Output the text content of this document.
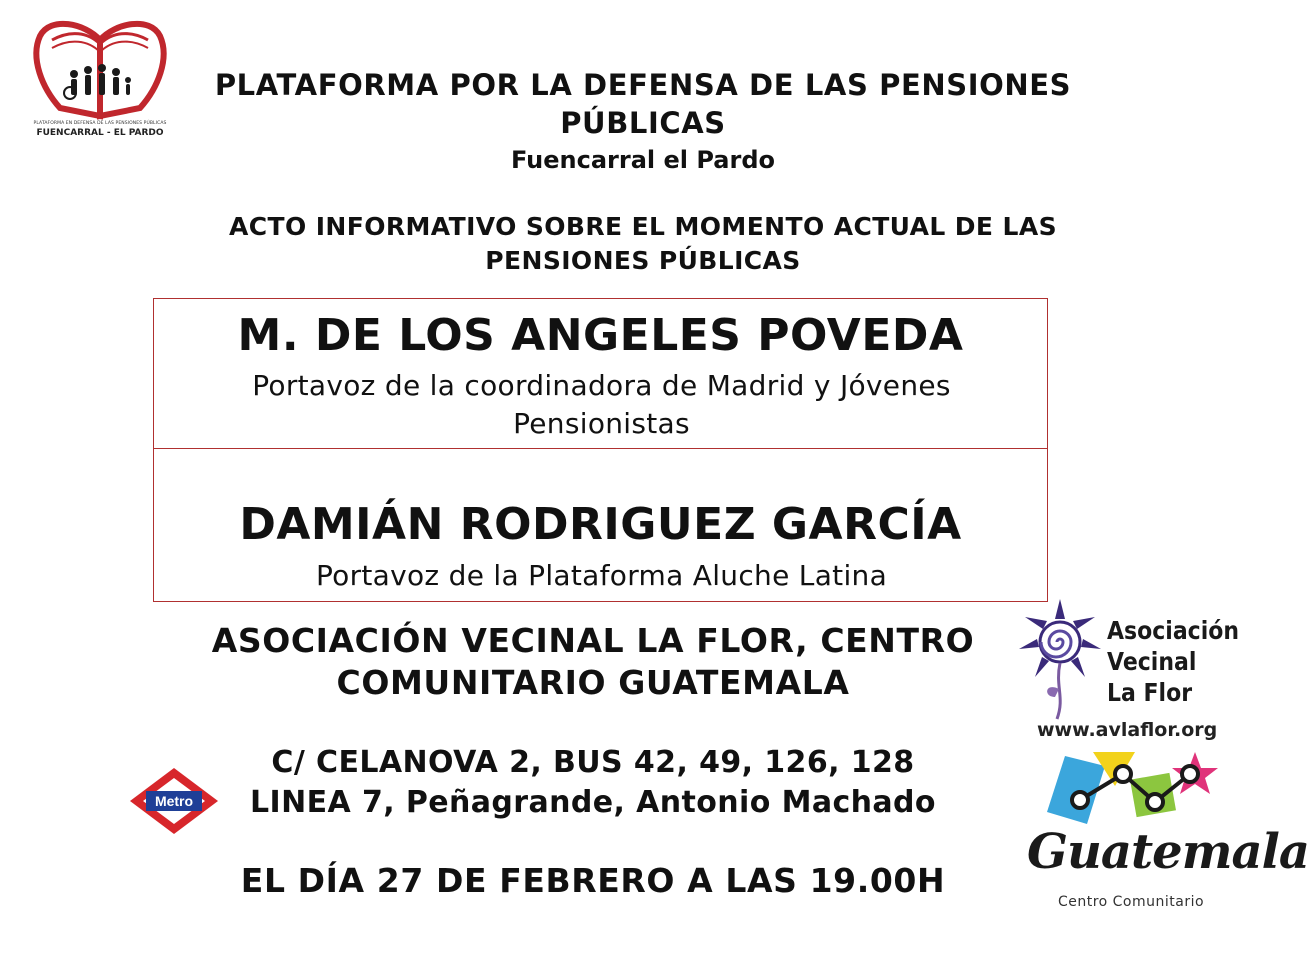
PLATAFORMA EN DEFENSA DE LAS PENSIONES PÚBLICAS
FUENCARRAL - EL PARDO
PLATAFORMA POR LA DEFENSA DE LAS PENSIONES
PÚBLICAS
Fuencarral el Pardo
ACTO INFORMATIVO SOBRE EL MOMENTO ACTUAL DE LAS
PENSIONES PÚBLICAS
M. DE LOS ANGELES POVEDA
Portavoz de la coordinadora de Madrid y Jóvenes
Pensionistas
DAMIÁN RODRIGUEZ GARCÍA
Portavoz de la Plataforma Aluche Latina
ASOCIACIÓN VECINAL LA FLOR, CENTRO
COMUNITARIO GUATEMALA
Metro
C/ CELANOVA 2, BUS 42, 49, 126, 128
LINEA 7, Peñagrande, Antonio Machado
EL DÍA 27 DE FEBRERO A LAS 19.00H
Asociación
Vecinal
La Flor
www.avlaflor.org
Guatemala
Centro Comunitario
